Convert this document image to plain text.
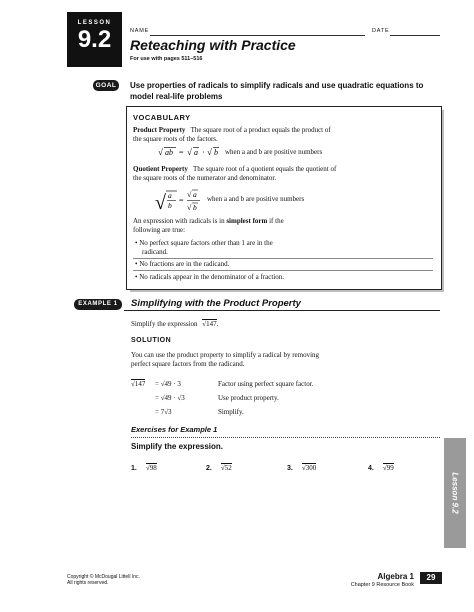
LESSON
9.2	NAME	DATE
Reteaching with Practice
For use with pages 511–516
GOAL	Use properties of radicals to simplify radicals and use quadratic equations to model real-life problems
VOCABULARY
Product Property The square root of a product equals the product of
the square roots of the factors.
√ ab = √ a · √ b when a and b are positive numbers
Quotient Property The square root of a quotient equals the quotient of
the square roots of the numerator and denominator.
√ a
b
=
√ a
√ b
when a and b are positive numbers
An expression with radicals is in simplest form if the
following are true:
• No perfect square factors other than 1 are in the
radicand.
• No fractions are in the radicand.
• No radicals appear in the denominator of a fraction.
EXAMPLE 1	Simplifying with the Product Property
Simplify the expression √147.
SOLUTION
You can use the product property to simplify a radical by removing
perfect square factors from the radicand.
√147 = √49 · 3	Factor using perfect square factor.
= √49 · √3	Use product property.
= 7√3	Simplify.
Exercises for Example 1
Simplify the expression.
1. √98	2. √52	3. √300	4. √99
Lesson 9.2
Copyright © McDougal Littell Inc.
All rights reserved.
Algebra 1
Chapter 9 Resource Book
29
